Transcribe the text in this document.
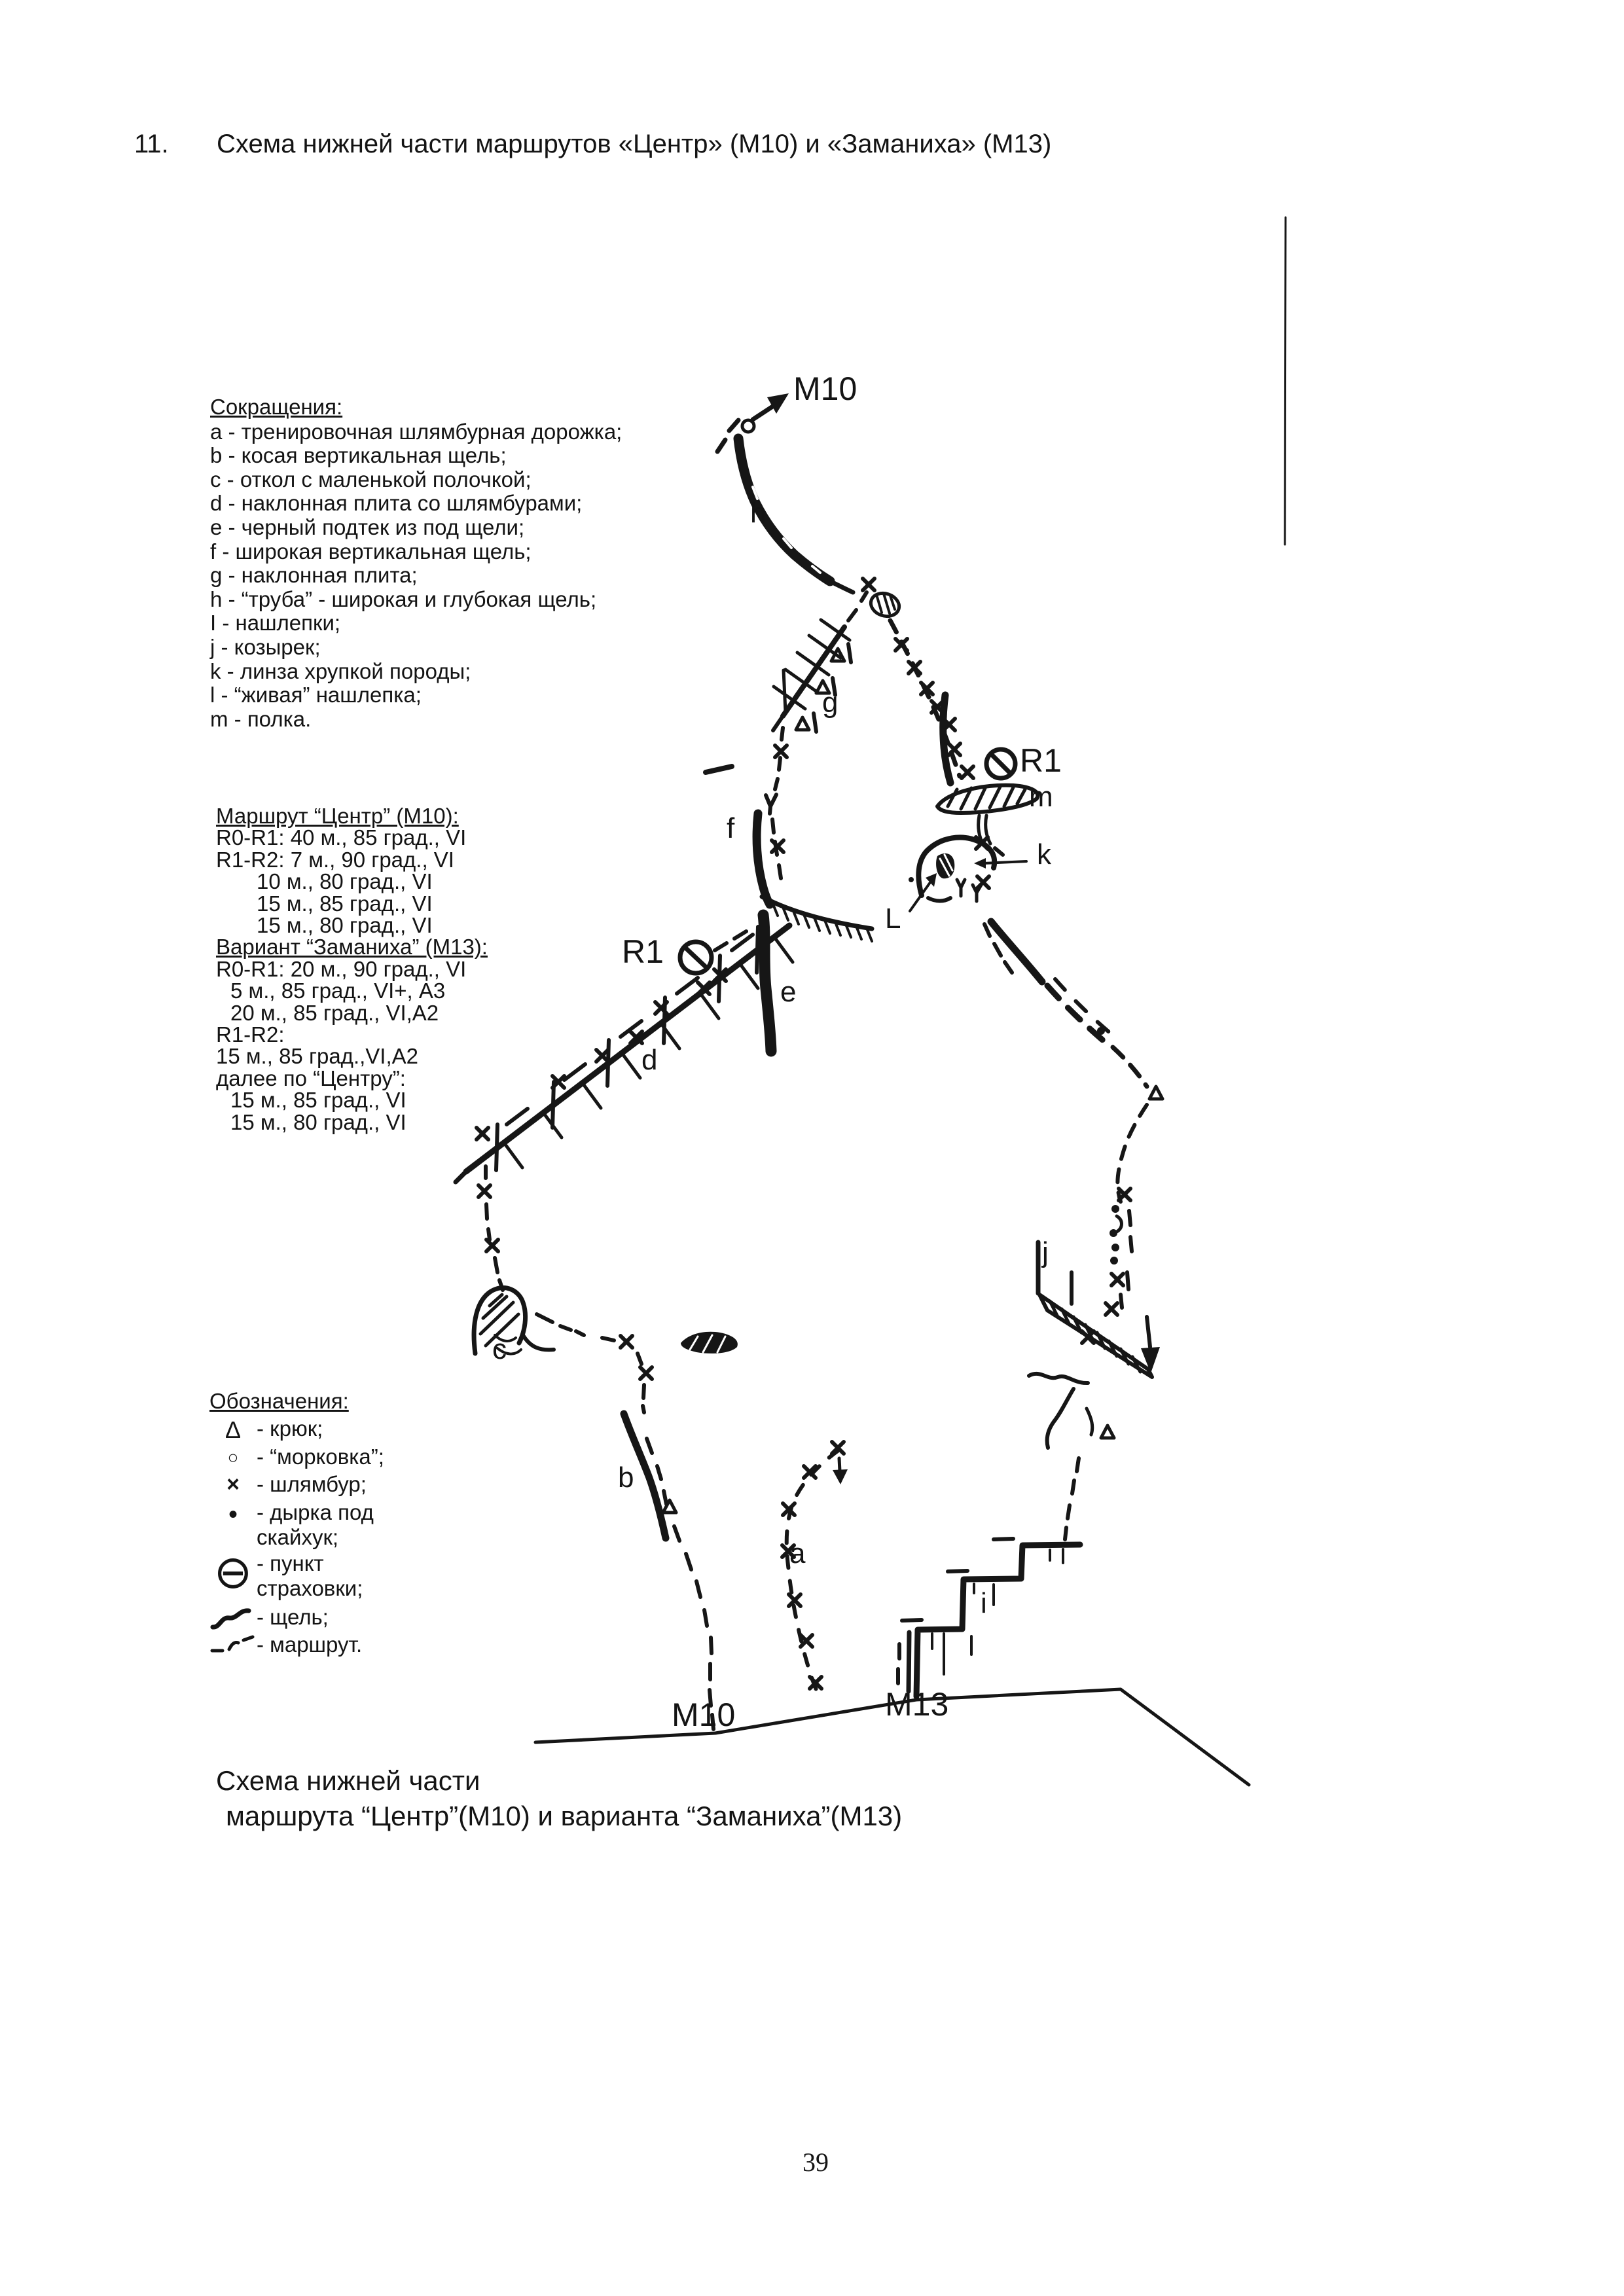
11. Схема нижней части маршрутов «Центр» (М10) и «Заманиха» (М13)
Сокращения:
a - тренировочная шлямбурная дорожка;
b - косая вертикальная щель;
c - откол с маленькой полочкой;
d - наклонная плита со шлямбурами;
e - черный подтек из под щели;
f - широкая вертикальная щель;
g - наклонная плита;
h - “труба” - широкая и глубокая щель;
I - нашлепки;
j - козырек;
k - линза хрупкой породы;
l - “живая” нашлепка;
m - полка.
Маршрут “Центр” (М10):
R0-R1: 40 м., 85 град., VI
R1-R2: 7 м., 90 град., VI
10 м., 80 град., VI
15 м., 85 град., VI
15 м., 80 град., VI
Вариант “Заманиха” (М13):
R0-R1: 20 м., 90 град., VI
5 м., 85 град., VI+, А3
20 м., 85 град., VI,А2
R1-R2:
15 м., 85 град.,VI,А2
далее по “Центру”:
15 м., 85 град., VI
15 м., 80 град., VI
Обозначения:
Δ - крюк;
○ - “морковка”;
× - шлямбур;
• - дырка под скайхук;
⊖ - пункт страховки;
- щель;
- маршрут.
М10
h
g
R1
m
k
L
f
e
R1
d
c
b
a
i
j
М10	М13
Схема нижней части
маршрута “Центр”(М10) и варианта “Заманиха”(М13)
39
